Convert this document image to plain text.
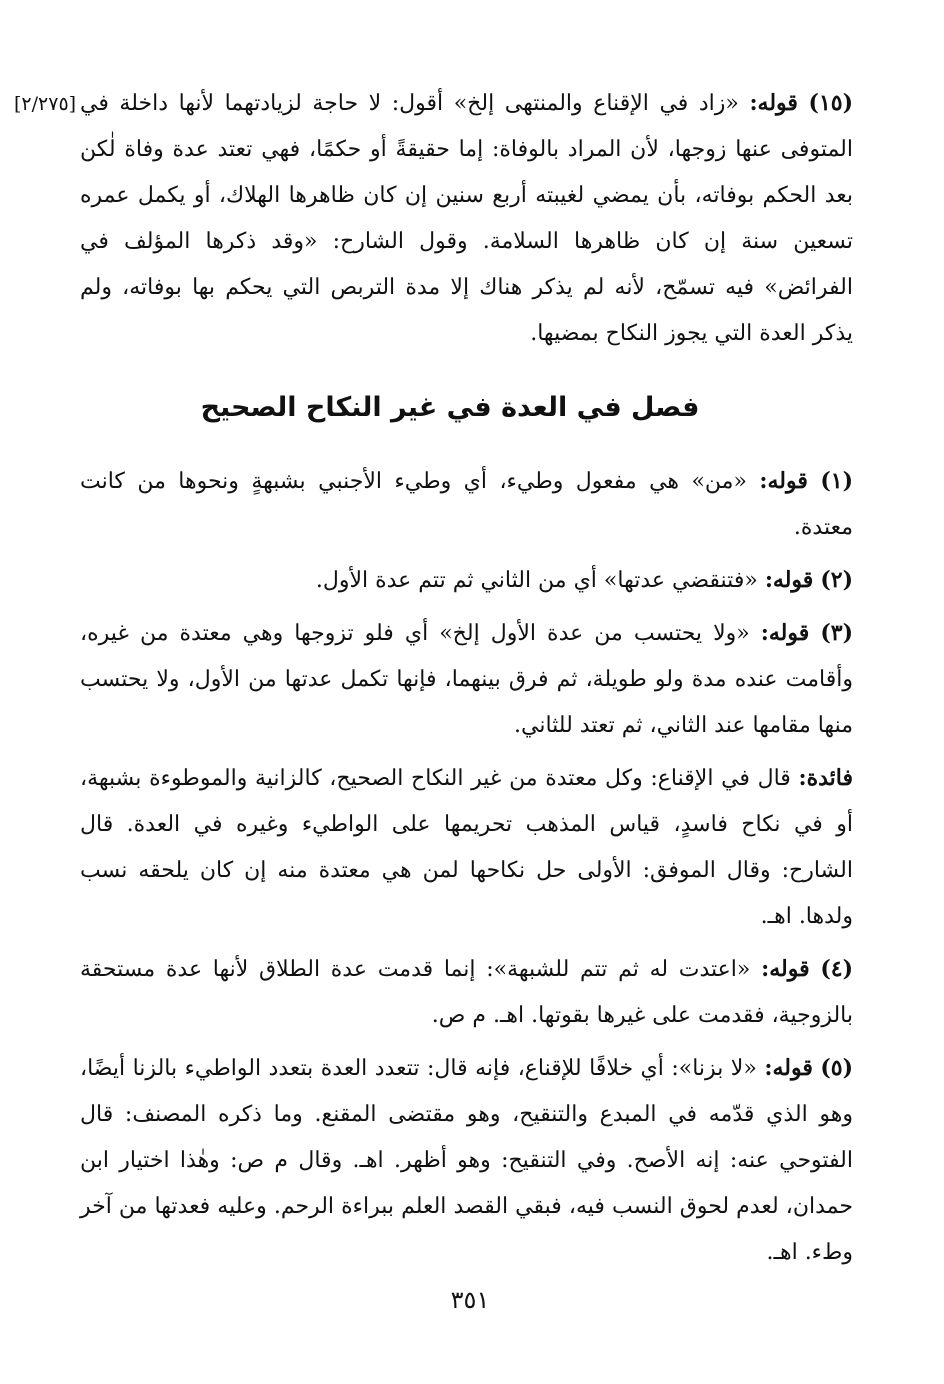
[٢/٢٧٥]	(١٥) قوله: «زاد في الإقناع والمنتهى إلخ» أقول: لا حاجة لزيادتهما لأنها داخلة في المتوفى عنها زوجها، لأن المراد بالوفاة: إما حقيقةً أو حكمًا، فهي تعتد عدة وفاة لٰكن بعد الحكم بوفاته، بأن يمضي لغيبته أربع سنين إن كان ظاهرها الهلاك، أو يكمل عمره تسعين سنة إن كان ظاهرها السلامة. وقول الشارح: «وقد ذكرها المؤلف في الفرائض» فيه تسمّح، لأنه لم يذكر هناك إلا مدة التربص التي يحكم بها بوفاته، ولم يذكر العدة التي يجوز النكاح بمضيها.
فصل في العدة في غير النكاح الصحيح
(١) قوله: «من» هي مفعول وطيء، أي وطيء الأجنبي بشبهةٍ ونحوها من كانت معتدة.
(٢) قوله: «فتنقضي عدتها» أي من الثاني ثم تتم عدة الأول.
(٣) قوله: «ولا يحتسب من عدة الأول إلخ» أي فلو تزوجها وهي معتدة من غيره، وأقامت عنده مدة ولو طويلة، ثم فرق بينهما، فإنها تكمل عدتها من الأول، ولا يحتسب منها مقامها عند الثاني، ثم تعتد للثاني.
فائدة: قال في الإقناع: وكل معتدة من غير النكاح الصحيح، كالزانية والموطوءة بشبهة، أو في نكاح فاسدٍ، قياس المذهب تحريمها على الواطيء وغيره في العدة. قال الشارح: وقال الموفق: الأولى حل نكاحها لمن هي معتدة منه إن كان يلحقه نسب ولدها. اهـ.
(٤) قوله: «اعتدت له ثم تتم للشبهة»: إنما قدمت عدة الطلاق لأنها عدة مستحقة بالزوجية، فقدمت على غيرها بقوتها. اهـ. م ص.
(٥) قوله: «لا بزنا»: أي خلافًا للإقناع، فإنه قال: تتعدد العدة بتعدد الواطيء بالزنا أيضًا، وهو الذي قدّمه في المبدع والتنقيح، وهو مقتضى المقنع. وما ذكره المصنف: قال الفتوحي عنه: إنه الأصح. وفي التنقيح: وهو أظهر. اهـ. وقال م ص: وهٰذا اختيار ابن حمدان، لعدم لحوق النسب فيه، فبقي القصد العلم ببراءة الرحم. وعليه فعدتها من آخر وطء. اهـ.
٣٥١
